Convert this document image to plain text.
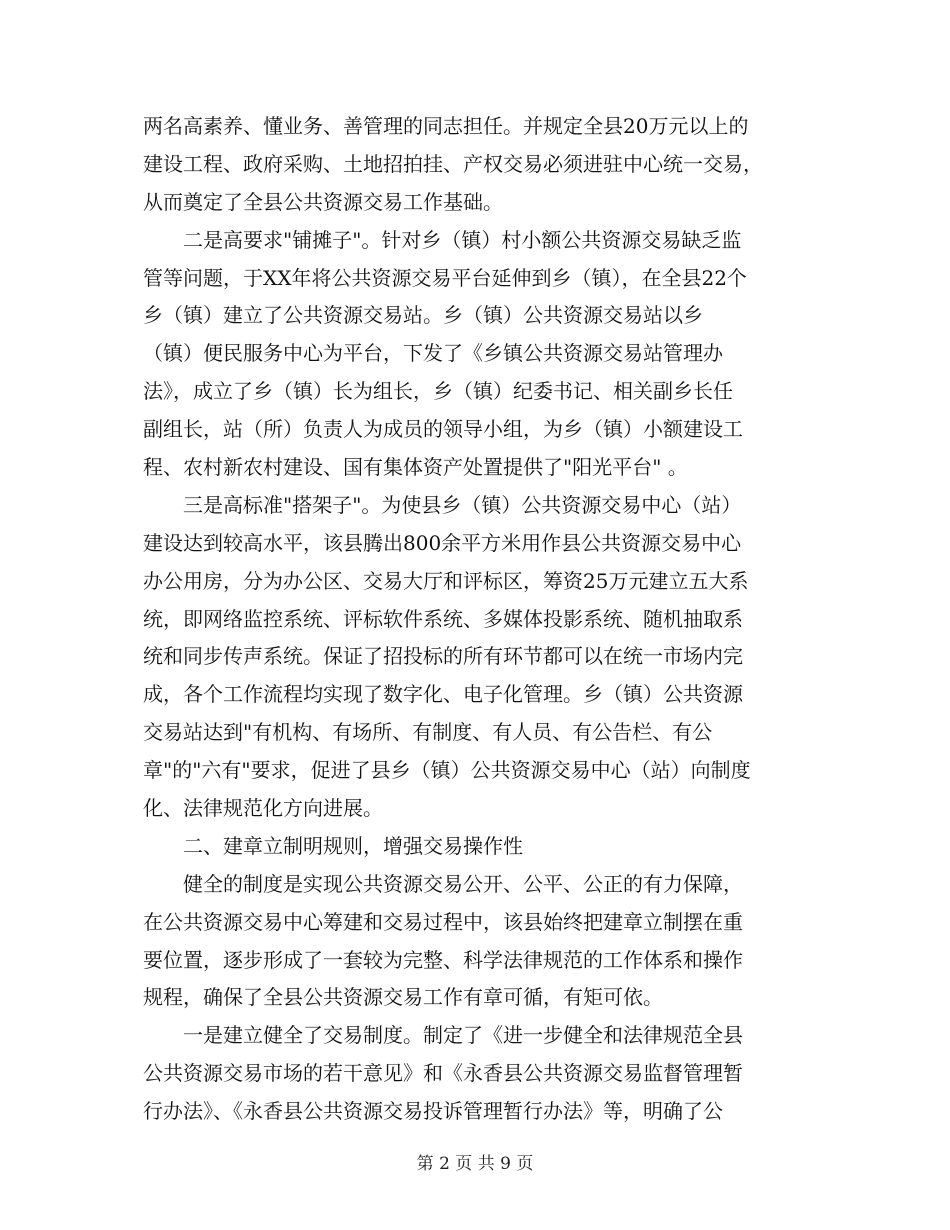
两名高素养、懂业务、善管理的同志担任。并规定全县20万元以上的
建设工程、政府采购、土地招拍挂、产权交易必须进驻中心统一交易，
从而奠定了全县公共资源交易工作基础。
　　二是高要求"铺摊子"。针对乡（镇）村小额公共资源交易缺乏监
管等问题，于XX年将公共资源交易平台延伸到乡（镇），在全县22个
乡（镇）建立了公共资源交易站。乡（镇）公共资源交易站以乡
（镇）便民服务中心为平台，下发了《乡镇公共资源交易站管理办
法》，成立了乡（镇）长为组长，乡（镇）纪委书记、相关副乡长任
副组长，站（所）负责人为成员的领导小组，为乡（镇）小额建设工
程、农村新农村建设、国有集体资产处置提供了"阳光平台" 。
　　三是高标准"搭架子"。为使县乡（镇）公共资源交易中心（站）
建设达到较高水平，该县腾出800余平方米用作县公共资源交易中心
办公用房，分为办公区、交易大厅和评标区，筹资25万元建立五大系
统，即网络监控系统、评标软件系统、多媒体投影系统、随机抽取系
统和同步传声系统。保证了招投标的所有环节都可以在统一市场内完
成，各个工作流程均实现了数字化、电子化管理。乡（镇）公共资源
交易站达到"有机构、有场所、有制度、有人员、有公告栏、有公
章"的"六有"要求，促进了县乡（镇）公共资源交易中心（站）向制度
化、法律规范化方向进展。
　　二、建章立制明规则，增强交易操作性
　　健全的制度是实现公共资源交易公开、公平、公正的有力保障，
在公共资源交易中心筹建和交易过程中，该县始终把建章立制摆在重
要位置，逐步形成了一套较为完整、科学法律规范的工作体系和操作
规程，确保了全县公共资源交易工作有章可循，有矩可依。
　　一是建立健全了交易制度。制定了《进一步健全和法律规范全县
公共资源交易市场的若干意见》和《永香县公共资源交易监督管理暂
行办法》、《永香县公共资源交易投诉管理暂行办法》等，明确了公
第 2 页 共 9 页
